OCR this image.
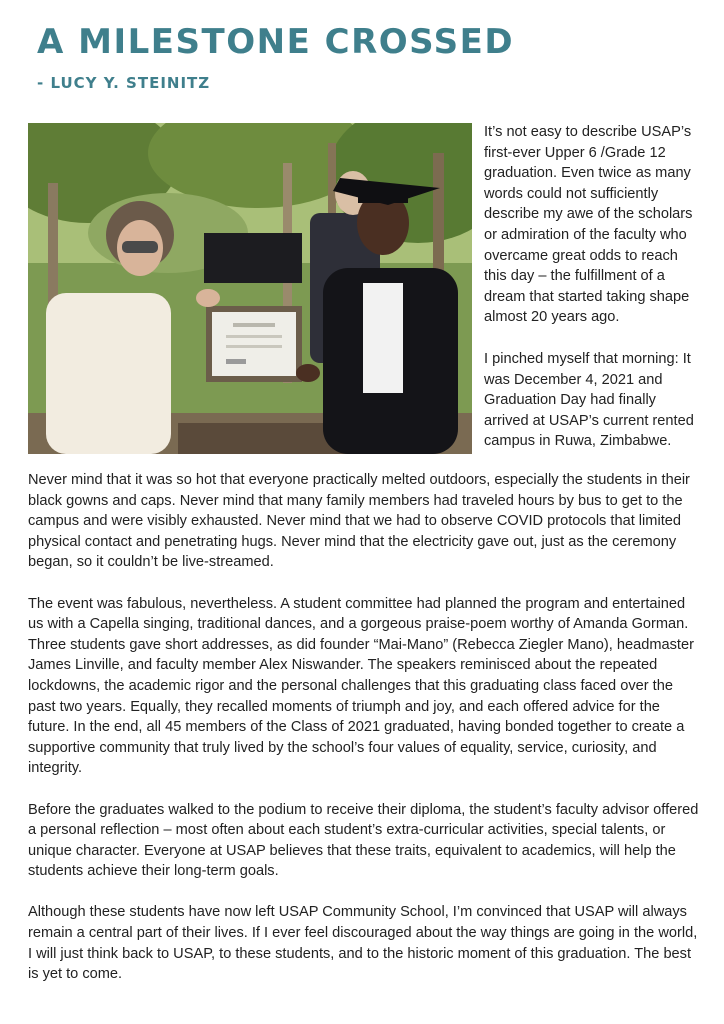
A MILESTONE CROSSED
- LUCY Y. STEINITZ

It’s not easy to describe USAP’s first-ever Upper 6 /Grade 12 graduation. Even twice as many words could not sufficiently describe my awe of the scholars or admiration of the faculty who overcame great odds to reach this day – the fulfillment of a dream that started taking shape almost 20 years ago.

I pinched myself that morning: It was December 4, 2021 and Graduation Day had finally arrived at USAP’s current rented campus in Ruwa, Zimbabwe.

Never mind that it was so hot that everyone practically melted outdoors, especially the students in their black gowns and caps. Never mind that many family members had traveled hours by bus to get to the campus and were visibly exhausted. Never mind that we had to observe COVID protocols that limited physical contact and penetrating hugs. Never mind that the electricity gave out, just as the ceremony began, so it couldn’t be live-streamed.

The event was fabulous, nevertheless. A student committee had planned the program and entertained us with a Capella singing, traditional dances, and a gorgeous praise-poem worthy of Amanda Gorman. Three students gave short addresses, as did founder “Mai-Mano” (Rebecca Ziegler Mano), headmaster James Linville, and faculty member Alex Niswander. The speakers reminisced about the repeated lockdowns, the academic rigor and the personal challenges that this graduating class faced over the past two years. Equally, they recalled moments of triumph and joy, and each offered advice for the future. In the end, all 45 members of the Class of 2021 graduated, having bonded together to create a supportive community that truly lived by the school’s four values of equality, service, curiosity, and integrity.

Before the graduates walked to the podium to receive their diploma, the student’s faculty advisor offered a personal reflection – most often about each student’s extra-curricular activities, special talents, or unique character. Everyone at USAP believes that these traits, equivalent to academics, will help the students achieve their long-term goals.

Although these students have now left USAP Community School, I’m convinced that USAP will always remain a central part of their lives. If I ever feel discouraged about the way things are going in the world, I will just think back to USAP, to these students, and to the historic moment of this graduation. The best is yet to come.
